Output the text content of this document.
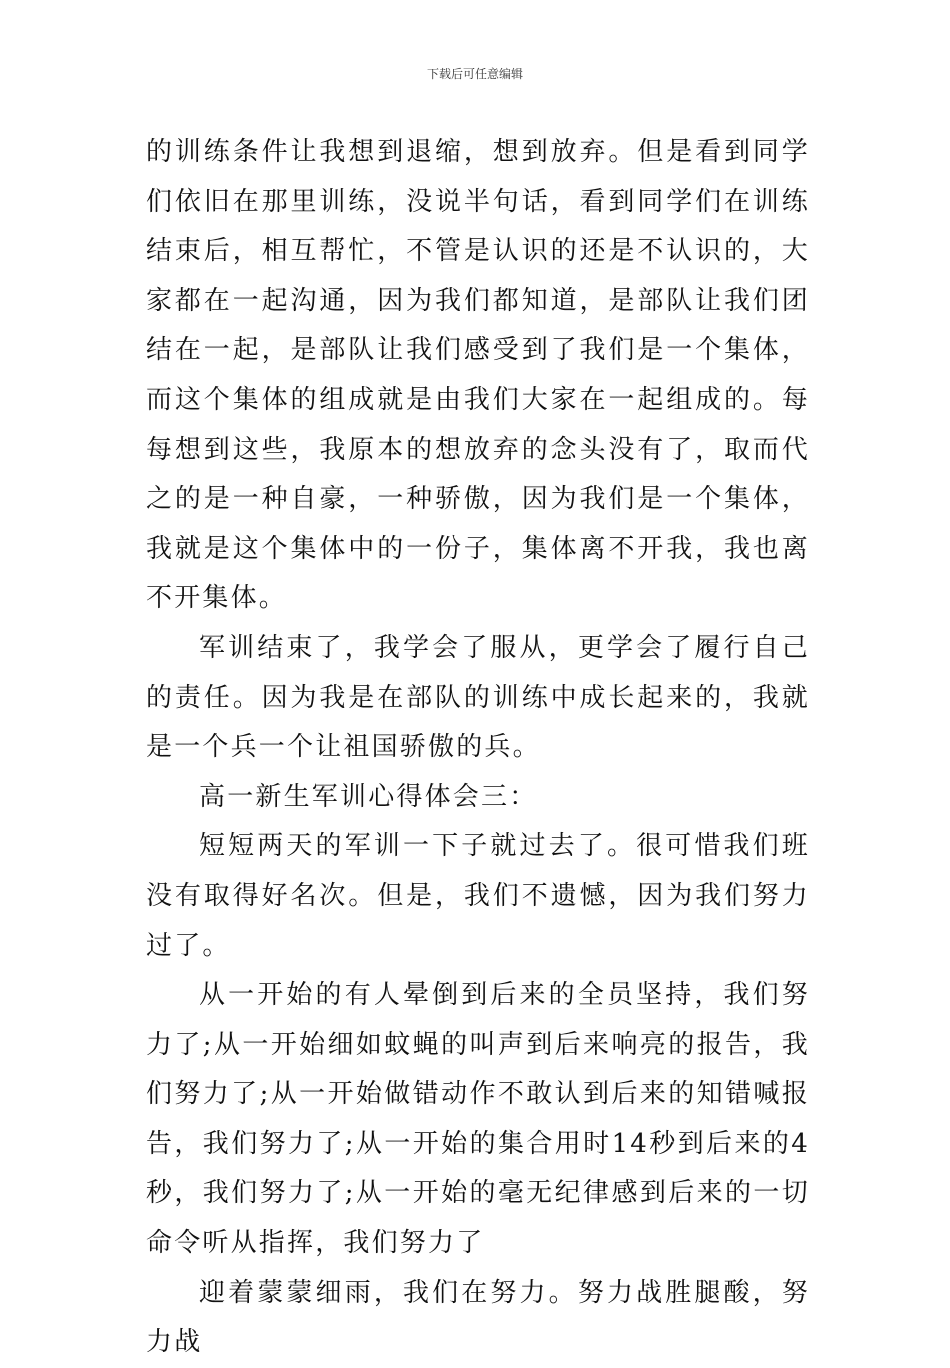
下载后可任意编辑

的训练条件让我想到退缩，想到放弃。但是看到同学们依旧在那里训练，没说半句话，看到同学们在训练结束后，相互帮忙，不管是认识的还是不认识的，大家都在一起沟通，因为我们都知道，是部队让我们团结在一起，是部队让我们感受到了我们是一个集体，而这个集体的组成就是由我们大家在一起组成的。每每想到这些，我原本的想放弃的念头没有了，取而代之的是一种自豪，一种骄傲，因为我们是一个集体，我就是这个集体中的一份子，集体离不开我，我也离不开集体。

军训结束了，我学会了服从，更学会了履行自己的责任。因为我是在部队的训练中成长起来的，我就是一个兵一个让祖国骄傲的兵。

高一新生军训心得体会三：

短短两天的军训一下子就过去了。很可惜我们班没有取得好名次。但是，我们不遗憾，因为我们努力过了。

从一开始的有人晕倒到后来的全员坚持，我们努力了;从一开始细如蚊蝇的叫声到后来响亮的报告，我们努力了;从一开始做错动作不敢认到后来的知错喊报告，我们努力了;从一开始的集合用时14秒到后来的4秒，我们努力了;从一开始的毫无纪律感到后来的一切命令听从指挥，我们努力了

迎着蒙蒙细雨，我们在努力。努力战胜腿酸，努力战
